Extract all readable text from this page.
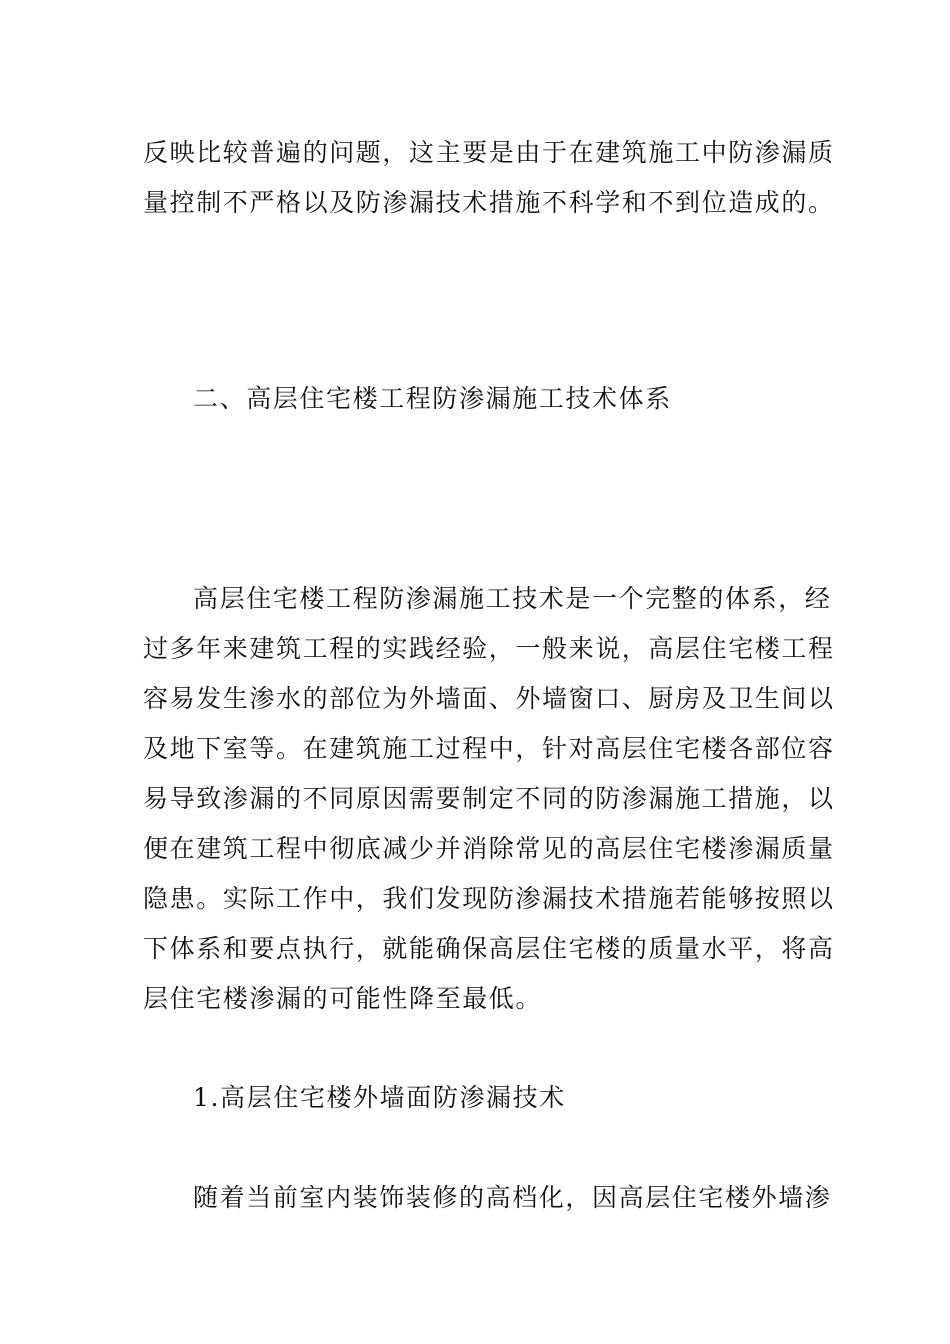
反映比较普遍的问题，这主要是由于在建筑施工中防渗漏质
量控制不严格以及防渗漏技术措施不科学和不到位造成的。
二、高层住宅楼工程防渗漏施工技术体系
高层住宅楼工程防渗漏施工技术是一个完整的体系，经
过多年来建筑工程的实践经验，一般来说，高层住宅楼工程
容易发生渗水的部位为外墙面、外墙窗口、厨房及卫生间以
及地下室等。在建筑施工过程中，针对高层住宅楼各部位容
易导致渗漏的不同原因需要制定不同的防渗漏施工措施，以
便在建筑工程中彻底减少并消除常见的高层住宅楼渗漏质量
隐患。实际工作中，我们发现防渗漏技术措施若能够按照以
下体系和要点执行，就能确保高层住宅楼的质量水平，将高
层住宅楼渗漏的可能性降至最低。
1.高层住宅楼外墙面防渗漏技术
随着当前室内装饰装修的高档化，因高层住宅楼外墙渗
